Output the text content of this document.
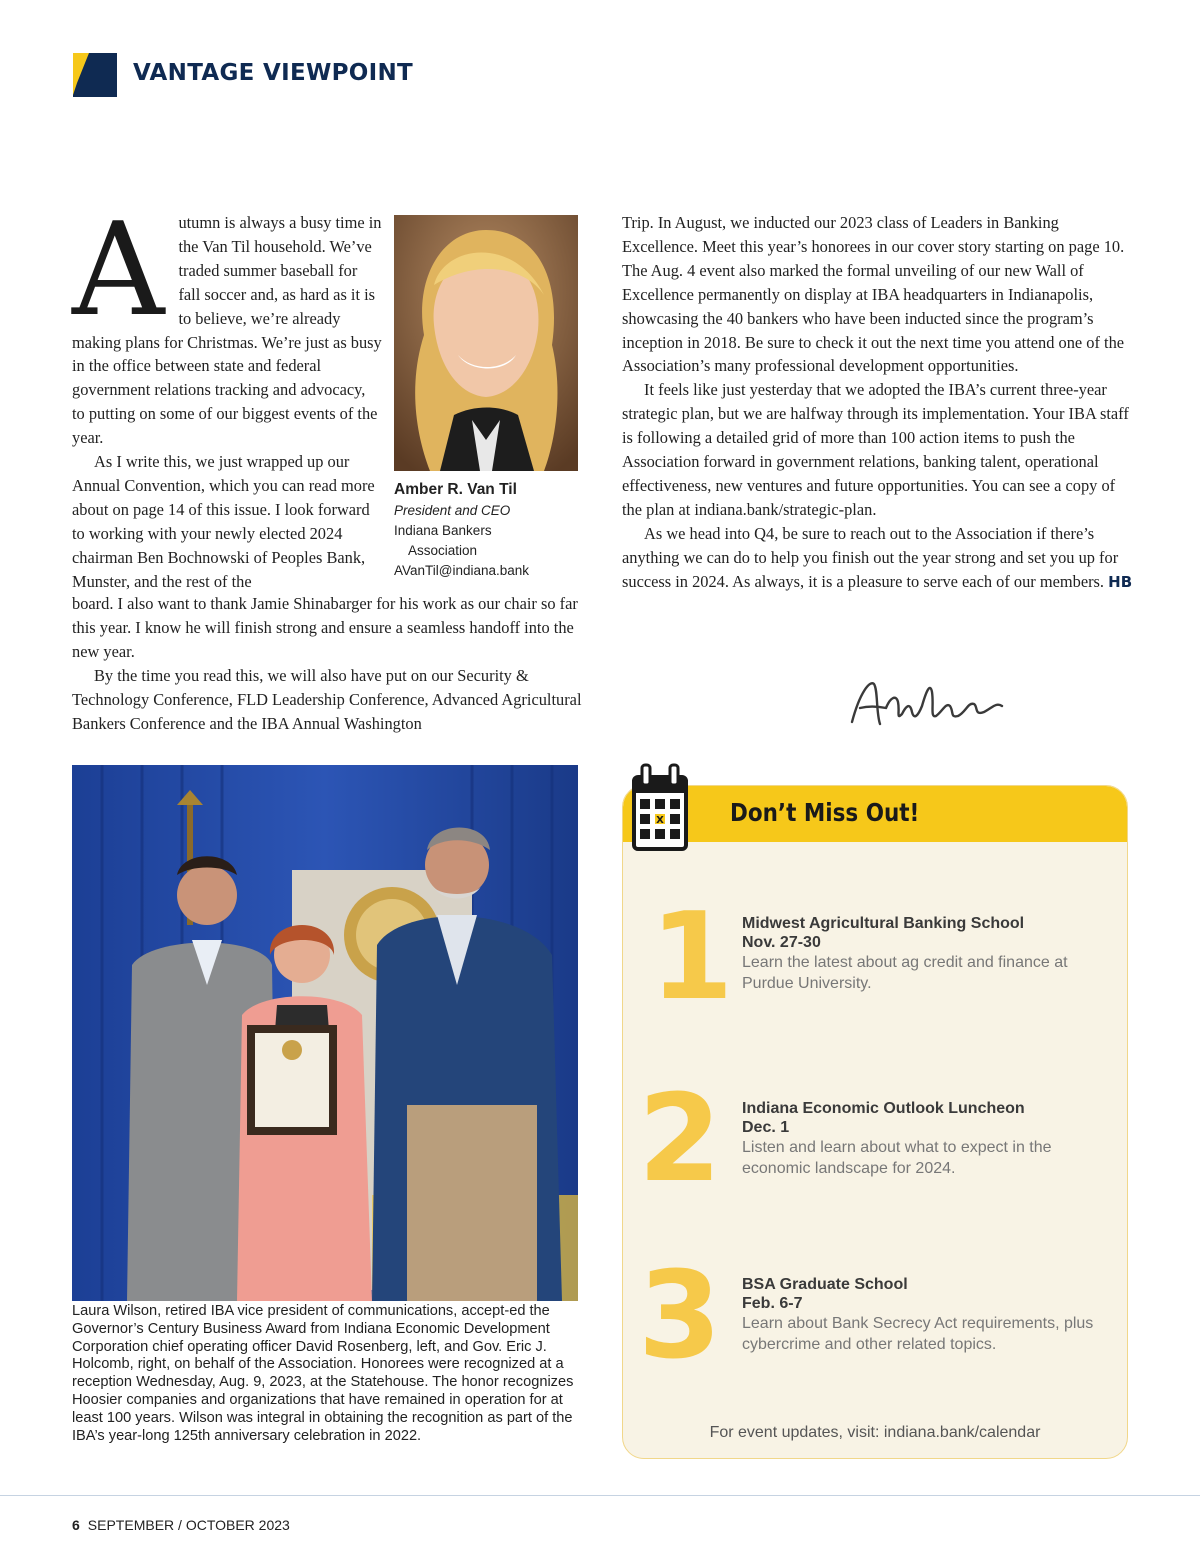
VANTAGE VIEWPOINT

Autumn is always a busy time in the Van Til household. We’ve traded summer baseball for fall soccer and, as hard as it is to believe, we’re already making plans for Christmas. We’re just as busy in the office between state and federal government relations tracking and advocacy, to putting on some of our biggest events of the year.

As I write this, we just wrapped up our Annual Convention, which you can read more about on page 14 of this issue. I look forward to working with your newly elected 2024 chairman Ben Bochnowski of Peoples Bank, Munster, and the rest of the

Amber R. Van Til
President and CEO
Indiana Bankers
Association
AVanTil@indiana.bank

board. I also want to thank Jamie Shinabarger for his work as our chair so far this year. I know he will finish strong and ensure a seamless handoff into the new year.

By the time you read this, we will also have put on our Security & Technology Conference, FLD Leadership Conference, Advanced Agricultural Bankers Conference and the IBA Annual Washington

Trip. In August, we inducted our 2023 class of Leaders in Banking Excellence. Meet this year’s honorees in our cover story starting on page 10. The Aug. 4 event also marked the formal unveiling of our new Wall of Excellence permanently on display at IBA headquarters in Indianapolis, showcasing the 40 bankers who have been inducted since the program’s inception in 2018. Be sure to check it out the next time you attend one of the Association’s many professional development opportunities.

It feels like just yesterday that we adopted the IBA’s current three-year strategic plan, but we are halfway through its implementation. Your IBA staff is following a detailed grid of more than 100 action items to push the Association forward in government relations, banking talent, operational effectiveness, new ventures and future opportunities. You can see a copy of the plan at indiana.bank/strategic-plan.

As we head into Q4, be sure to reach out to the Association if there’s anything we can do to help you finish out the year strong and set you up for success in 2024. As always, it is a pleasure to serve each of our members. HB

Laura Wilson, retired IBA vice president of communications, accept-ed the Governor’s Century Business Award from Indiana Economic Development Corporation chief operating officer David Rosenberg, left, and Gov. Eric J. Holcomb, right, on behalf of the Association. Honorees were recognized at a reception Wednesday, Aug. 9, 2023, at the Statehouse. The honor recognizes Hoosier companies and organizations that have remained in operation for at least 100 years. Wilson was integral in obtaining the recognition as part of the IBA’s year-long 125th anniversary celebration in 2022.
X	Don’t Miss Out!
1 Midwest Agricultural Banking School
Nov. 27-30
Learn the latest about ag credit and finance at Purdue University.
2 Indiana Economic Outlook Luncheon
Dec. 1
Listen and learn about what to expect in the economic landscape for 2024.
3 BSA Graduate School
Feb. 6-7
Learn about Bank Secrecy Act requirements, plus cybercrime and other related topics.
For event updates, visit: indiana.bank/calendar
6 SEPTEMBER / OCTOBER 2023
